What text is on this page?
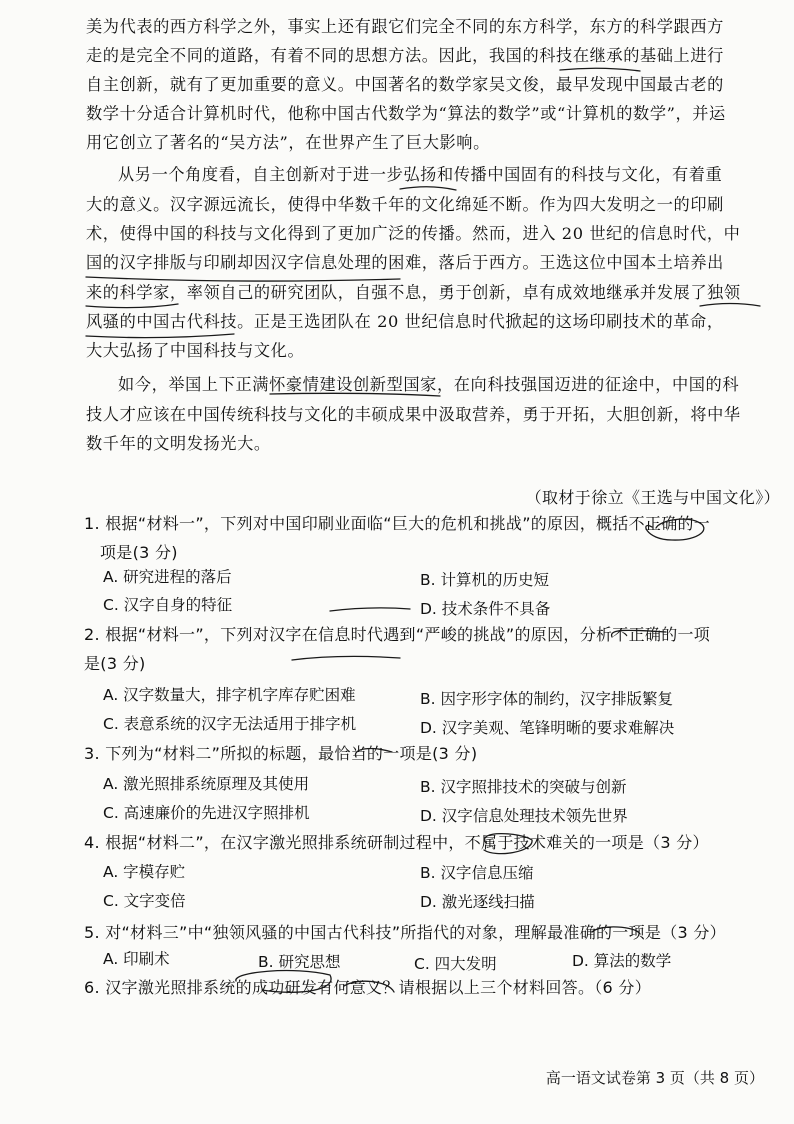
美为代表的西方科学之外，事实上还有跟它们完全不同的东方科学，东方的科学跟西方
走的是完全不同的道路，有着不同的思想方法。因此，我国的科技在继承的基础上进行
自主创新，就有了更加重要的意义。中国著名的数学家吴文俊，最早发现中国最古老的
数学十分适合计算机时代，他称中国古代数学为“算法的数学”或“计算机的数学”，并运
用它创立了著名的“吴方法”，在世界产生了巨大影响。
从另一个角度看，自主创新对于进一步弘扬和传播中国固有的科技与文化，有着重
大的意义。汉字源远流长，使得中华数千年的文化绵延不断。作为四大发明之一的印刷
术，使得中国的科技与文化得到了更加广泛的传播。然而，进入 20 世纪的信息时代，中
国的汉字排版与印刷却因汉字信息处理的困难，落后于西方。王选这位中国本土培养出
来的科学家，率领自己的研究团队，自强不息，勇于创新，卓有成效地继承并发展了独领
风骚的中国古代科技。正是王选团队在 20 世纪信息时代掀起的这场印刷技术的革命，
大大弘扬了中国科技与文化。
如今，举国上下正满怀豪情建设创新型国家，在向科技强国迈进的征途中，中国的科
技人才应该在中国传统科技与文化的丰硕成果中汲取营养，勇于开拓，大胆创新，将中华
数千年的文明发扬光大。
（取材于徐立《王选与中国文化》）
1. 根据“材料一”，下列对中国印刷业面临“巨大的危机和挑战”的原因，概括不正确的一
项是(3 分)
A. 研究进程的落后	B. 计算机的历史短
C. 汉字自身的特征	D. 技术条件不具备
2. 根据“材料一”，下列对汉字在信息时代遇到“严峻的挑战”的原因，分析不正确的一项
是(3 分)
A. 汉字数量大，排字机字库存贮困难	B. 因字形字体的制约，汉字排版繁复
C. 表意系统的汉字无法适用于排字机	D. 汉字美观、笔锋明晰的要求难解决
3. 下列为“材料二”所拟的标题，最恰当的一项是(3 分)
A. 激光照排系统原理及其使用	B. 汉字照排技术的突破与创新
C. 高速廉价的先进汉字照排机	D. 汉字信息处理技术领先世界
4. 根据“材料二”，在汉字激光照排系统研制过程中，不属于技术难关的一项是（3 分）
A. 字模存贮	B. 汉字信息压缩
C. 文字变倍	D. 激光逐线扫描
5. 对“材料三”中“独领风骚的中国古代科技”所指代的对象，理解最准确的一项是（3 分）
A. 印刷术	B. 研究思想	C. 四大发明	D. 算法的数学
6. 汉字激光照排系统的成功研发有何意义？请根据以上三个材料回答。（6 分）
高一语文试卷第 3 页（共 8 页）
